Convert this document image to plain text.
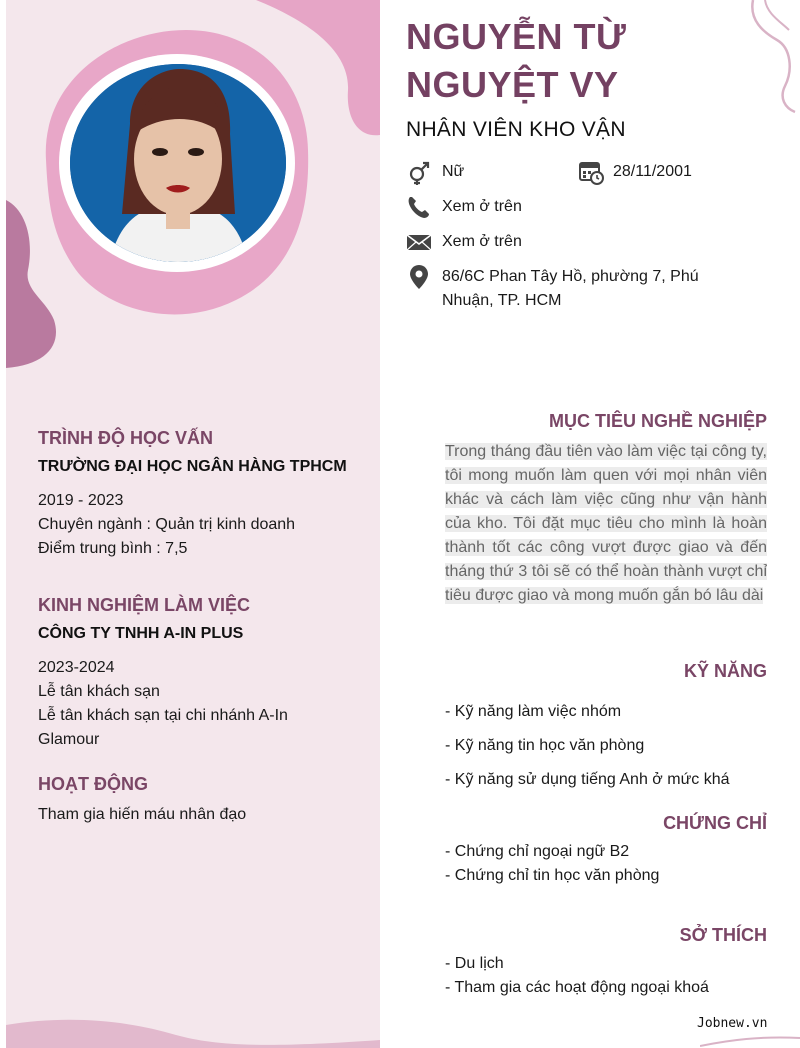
TRÌNH ĐỘ HỌC VẤN
TRƯỜNG ĐẠI HỌC NGÂN HÀNG TPHCM
2019 - 2023
Chuyên ngành : Quản trị kinh doanh
Điểm trung bình : 7,5
KINH NGHIỆM LÀM VIỆC
CÔNG TY TNHH A-IN PLUS
2023-2024
Lễ tân khách sạn
Lễ tân khách sạn tại chi nhánh A-In
Glamour
HOẠT ĐỘNG
Tham gia hiến máu nhân đạo
NGUYỄN TỪ
NGUYỆT VY
NHÂN VIÊN KHO VẬN
Nữ	28/11/2001
Xem ở trên
Xem ở trên
86/6C Phan Tây Hồ, phường 7, Phú
Nhuận, TP. HCM
MỤC TIÊU NGHỀ NGHIỆP
Trong tháng đầu tiên vào làm việc tại công ty, tôi mong muốn làm quen với mọi nhân viên khác và cách làm việc cũng như vận hành của kho. Tôi đặt mục tiêu cho mình là hoàn thành tốt các công vượt được giao và đến tháng thứ 3 tôi sẽ có thể hoàn thành vượt chỉ tiêu được giao và mong muốn gắn bó lâu dài
KỸ NĂNG
- Kỹ năng làm việc nhóm
- Kỹ năng tin học văn phòng
- Kỹ năng sử dụng tiếng Anh ở mức khá
CHỨNG CHỈ
- Chứng chỉ ngoại ngữ B2
- Chứng chỉ tin học văn phòng
SỞ THÍCH
- Du lịch
- Tham gia các hoạt động ngoại khoá
Jobnew.vn
